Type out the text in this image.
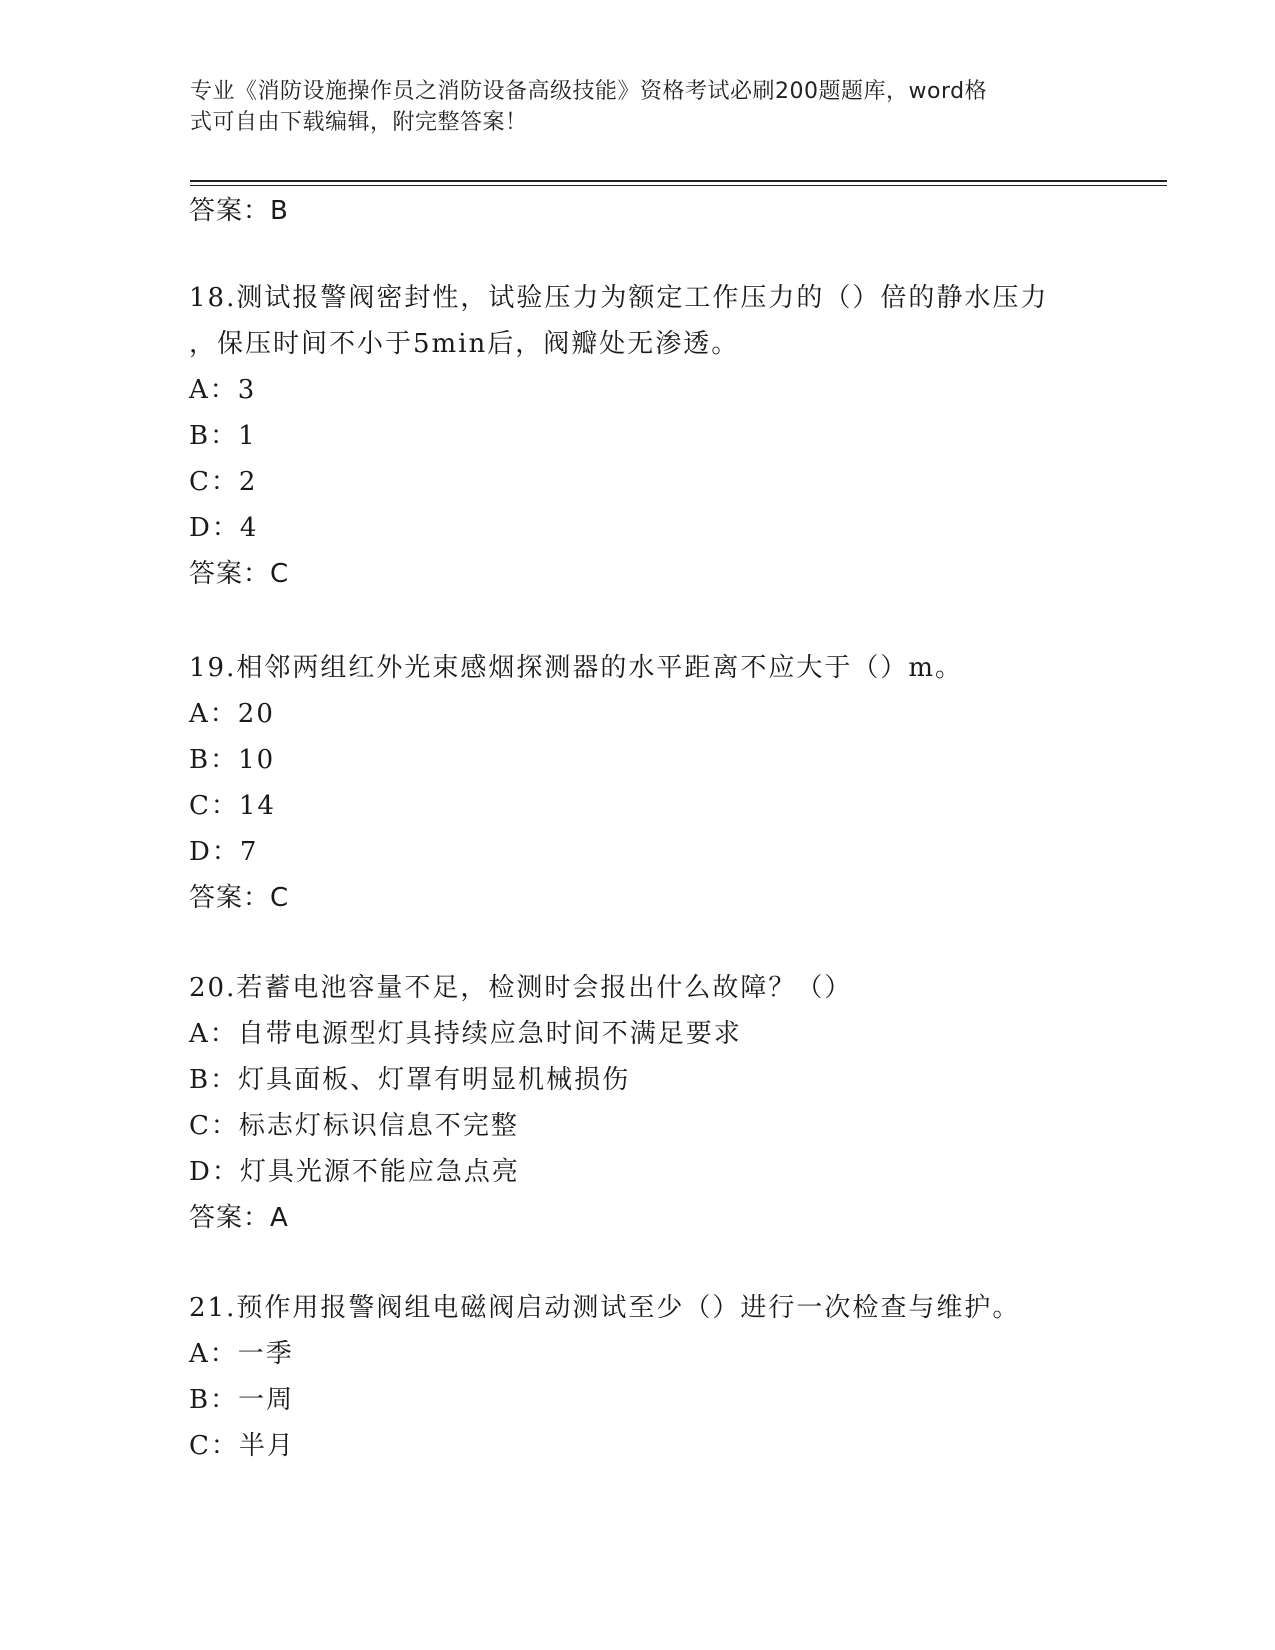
专业《消防设施操作员之消防设备高级技能》资格考试必刷200题题库，word格
式可自由下载编辑，附完整答案！
答案：B
18.测试报警阀密封性，试验压力为额定工作压力的（）倍的静水压力
，保压时间不小于5min后，阀瓣处无渗透。
A：3
B：1
C：2
D：4
答案：C
19.相邻两组红外光束感烟探测器的水平距离不应大于（）m。
A：20
B：10
C：14
D：7
答案：C
20.若蓄电池容量不足，检测时会报出什么故障？（）
A：自带电源型灯具持续应急时间不满足要求
B：灯具面板、灯罩有明显机械损伤
C：标志灯标识信息不完整
D：灯具光源不能应急点亮
答案：A
21.预作用报警阀组电磁阀启动测试至少（）进行一次检查与维护。
A：一季
B：一周
C：半月
